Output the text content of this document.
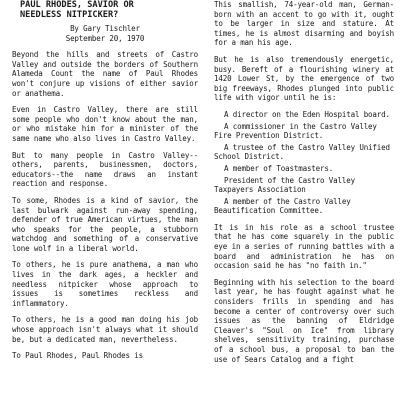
PAUL RHODES, SAVIOR OR
NEEDLESS NITPICKER?
By Gary Tischler
September 20, 1970

Beyond the hills and streets of Castro Valley and outside the borders of Southern Alameda Count the name of Paul Rhodes won't conjure up visions of either savior or anathema.

Even in Castro Valley, there are still some people who don't know about the man, or who mistake him for a minister of the same name who also lives in Castro Valley.

But to many people in Castro Valley--others, parents, businessmen, doctors, educators--the name draws an instant reaction and response.

To some, Rhodes is a kind of savior, the last bulwark against run-away spending, defender of true American virtues, the man who speaks for the people, a stubborn watchdog and something of a conservative lone wolf in a liberal world.

To others, he is pure anathema, a man who lives in the dark ages, a heckler and needless nitpicker whose approach to issues is sometimes reckless and inflammatory.

To others, he is a good man doing his job whose approach isn't always what it should be, but a dedicated man, nevertheless.

To Paul Rhodes, Paul Rhodes is

This smallish, 74-year-old man, German-born with an accent to go with it, ought to be larger in size and stature. At times, he is almost disarming and boyish for a man his age.

But he is also tremendously energetic, busy. Bereft of a flourishing winery at 1420 Lower St, by the emergence of two big freeways, Rhodes plunged into public life with vigor until he is:

A director on the Eden Hospital board.

A commissioner in the Castro Valley Fire Prevention District.

A trustee of the Castro Valley Unified School District.

A member of Toastmasters.

President of the Castro Valley Taxpayers Association

A member of the Castro Valley Beautification Committee.

It is in his role as a school trustee that he has come squarely in the public eye in a series of running battles with a board and administration he has on occasion said he has "no faith in."

Beginning with his selection to the board last year, he has fought against what he considers frills in spending and has become a center of controversy over such issues as the banning of Eldridge Cleaver's "Soul on Ice" from library shelves, sensitivity training, purchase of a school bus, a proposal to ban the use of Sears Catalog and a fight
